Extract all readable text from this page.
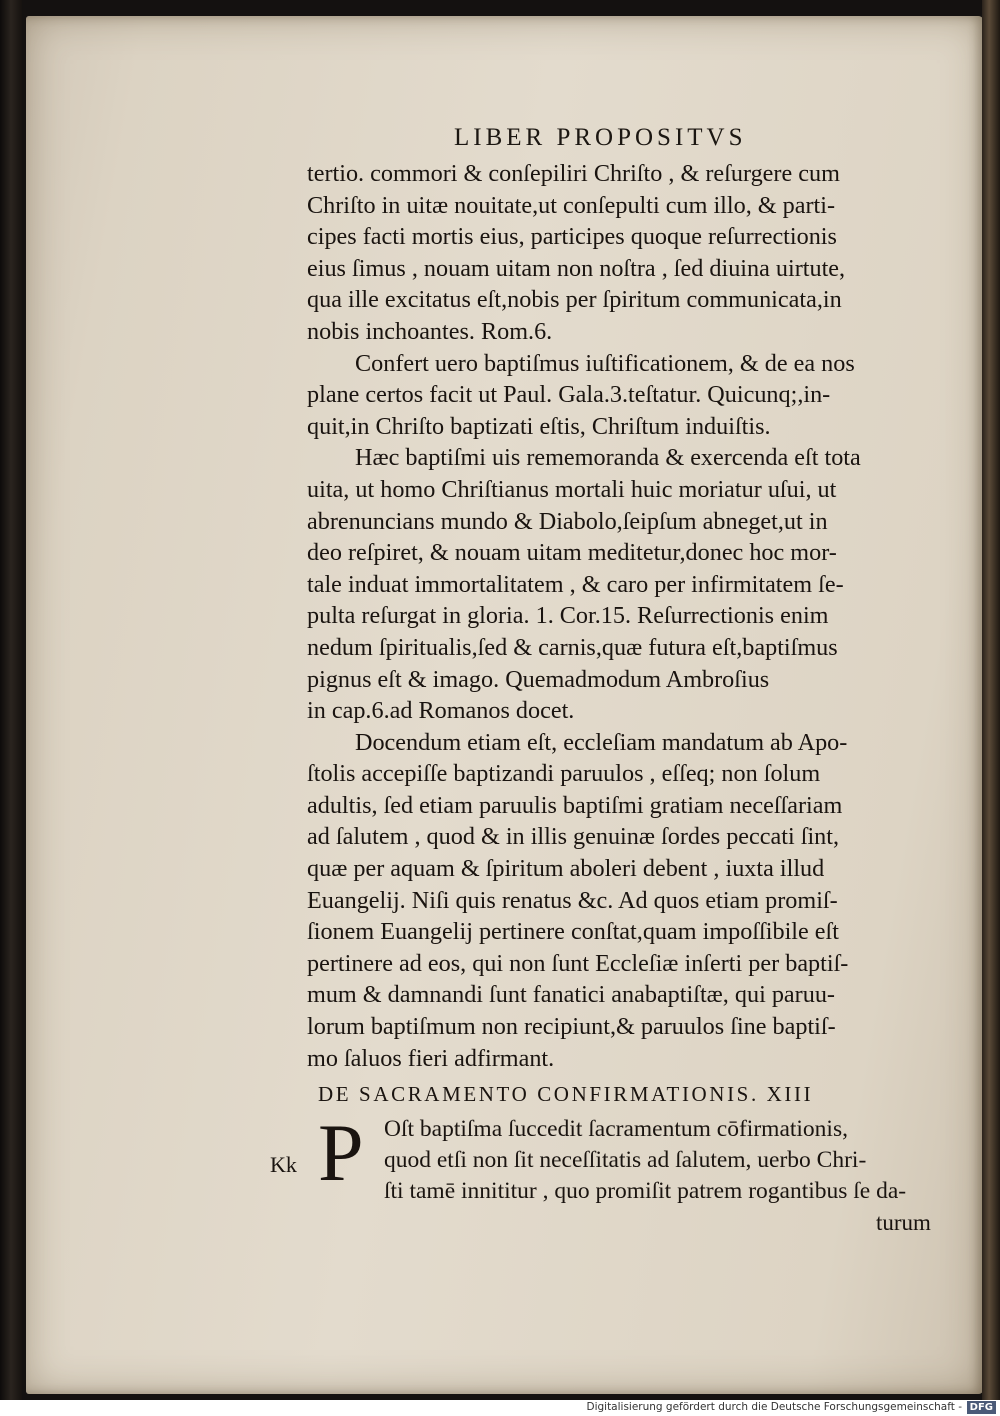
LIBER PROPOSITVS
tertio. commori & conſepiliri Chriſto , & reſurgere cum
Chriſto in uitæ nouitate,ut conſepulti cum illo, & parti-
cipes facti mortis eius, participes quoque reſurrectionis
eius ſimus , nouam uitam non noſtra , ſed diuina uirtute,
qua ille excitatus eſt,nobis per ſpiritum communicata,in
nobis inchoantes. Rom.6.
Confert uero baptiſmus iuſtificationem, & de ea nos
plane certos facit ut Paul. Gala.3.teſtatur. Quicunq;,in-
quit,in Chriſto baptizati eſtis, Chriſtum induiſtis.
Hæc baptiſmi uis rememoranda & exercenda eſt tota
uita, ut homo Chriſtianus mortali huic moriatur uſui, ut
abrenuncians mundo & Diabolo,ſeipſum abneget,ut in
deo reſpiret, & nouam uitam meditetur,donec hoc mor-
tale induat immortalitatem , & caro per infirmitatem ſe-
pulta reſurgat in gloria. 1. Cor.15. Reſurrectionis enim
nedum ſpiritualis,ſed & carnis,quæ futura eſt,baptiſmus
pignus eſt & imago. Quemadmodum Ambroſius
in cap.6.ad Romanos docet.
Docendum etiam eſt, eccleſiam mandatum ab Apo-
ſtolis accepiſſe baptizandi paruulos , eſſeq; non ſolum
adultis, ſed etiam paruulis baptiſmi gratiam neceſſariam
ad ſalutem , quod & in illis genuinæ ſordes peccati ſint,
quæ per aquam & ſpiritum aboleri debent , iuxta illud
Euangelij. Niſi quis renatus &c. Ad quos etiam promiſ-
ſionem Euangelij pertinere conſtat,quam impoſſibile eſt
pertinere ad eos, qui non ſunt Eccleſiæ inſerti per baptiſ-
mum & damnandi ſunt fanatici anabaptiſtæ, qui paruu-
lorum baptiſmum non recipiunt,& paruulos ſine baptiſ-
mo ſaluos fieri adfirmant.
DE SACRAMENTO CONFIRMATIONIS. XIII
P Oſt baptiſma ſuccedit ſacramentum cōfirmationis,
quod etſi non ſit neceſſitatis ad ſalutem, uerbo Chri-
ſti tamē innititur , quo promiſit patrem rogantibus ſe da-
Kk
turum
Digitalisierung gefördert durch die Deutsche Forschungsgemeinschaft - DFG
